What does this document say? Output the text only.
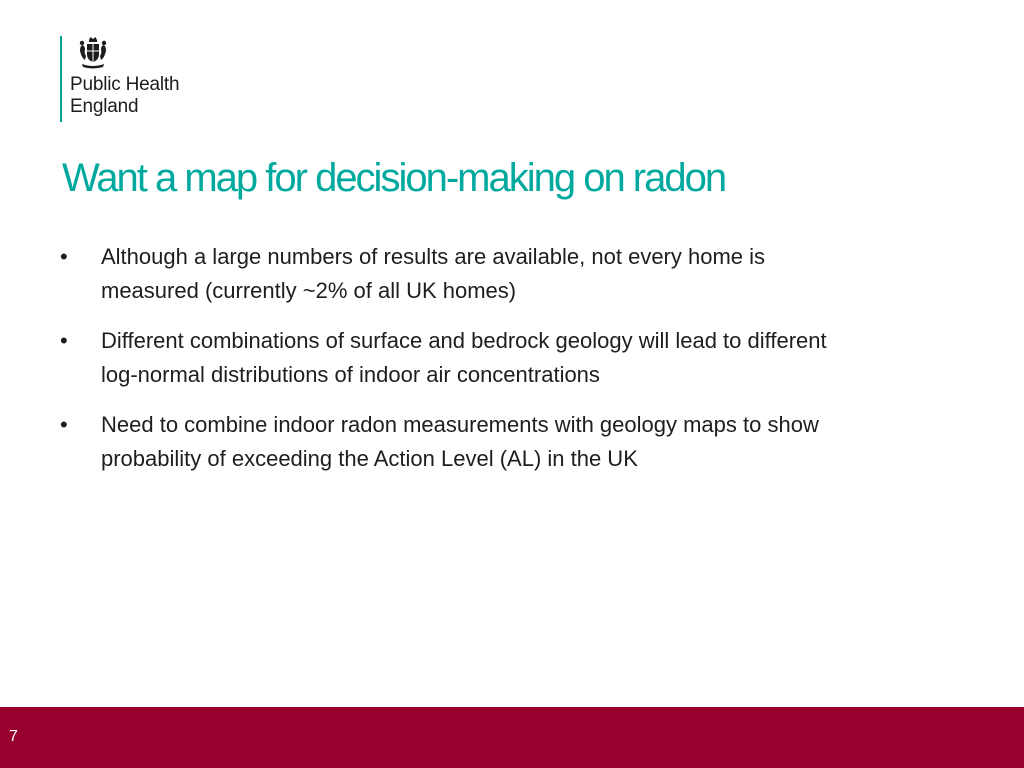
Public Health
England
Want a map for decision-making on radon
•	Although a large numbers of results are available, not every home is
measured (currently ~2% of all UK homes)
•	Different combinations of surface and bedrock geology will lead to different
log-normal distributions of indoor air concentrations
•	Need to combine indoor radon measurements with geology maps to show
probability of exceeding the Action Level (AL) in the UK
7
